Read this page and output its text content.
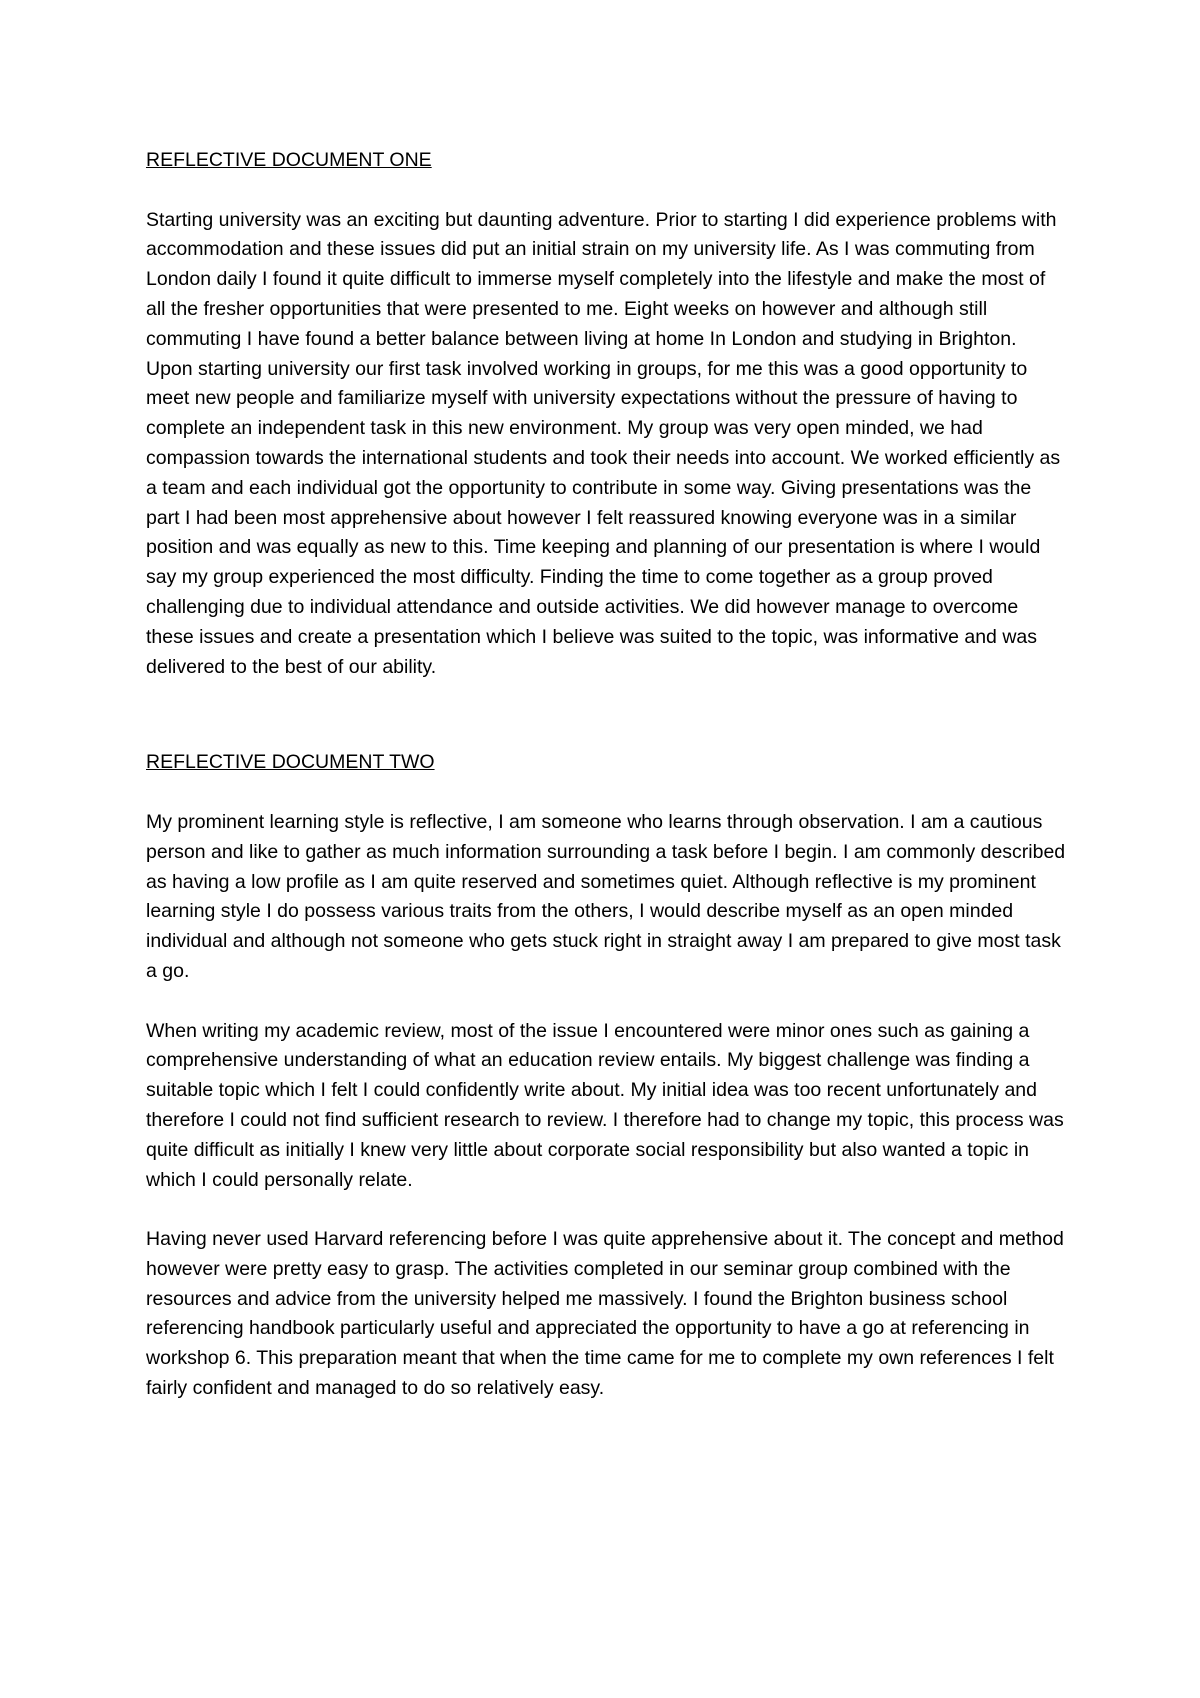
REFLECTIVE DOCUMENT ONE

Starting university was an exciting but daunting adventure. Prior to starting I did experience problems with accommodation and these issues did put an initial strain on my university life. As I was commuting from London daily I found it quite difficult to immerse myself completely into the lifestyle and make the most of all the fresher opportunities that were presented to me. Eight weeks on however and although still commuting I have found a better balance between living at home In London and studying in Brighton. Upon starting university our first task involved working in groups, for me this was a good opportunity to meet new people and familiarize myself with university expectations without the pressure of having to complete an independent task in this new environment. My group was very open minded, we had compassion towards the international students and took their needs into account. We worked efficiently as a team and each individual got the opportunity to contribute in some way. Giving presentations was the part I had been most apprehensive about however I felt reassured knowing everyone was in a similar position and was equally as new to this. Time keeping and planning of our presentation is where I would say my group experienced the most difficulty. Finding the time to come together as a group proved challenging due to individual attendance and outside activities. We did however manage to overcome these issues and create a presentation which I believe was suited to the topic, was informative and was delivered to the best of our ability.

REFLECTIVE DOCUMENT TWO

My prominent learning style is reflective, I am someone who learns through observation. I am a cautious person and like to gather as much information surrounding a task before I begin. I am commonly described as having a low profile as I am quite reserved and sometimes quiet. Although reflective is my prominent learning style I do possess various traits from the others, I would describe myself as an open minded individual and although not someone who gets stuck right in straight away I am prepared to give most task a go.

When writing my academic review, most of the issue I encountered were minor ones such as gaining a comprehensive understanding of what an education review entails. My biggest challenge was finding a suitable topic which I felt I could confidently write about. My initial idea was too recent unfortunately and therefore I could not find sufficient research to review. I therefore had to change my topic, this process was quite difficult as initially I knew very little about corporate social responsibility but also wanted a topic in which I could personally relate.

Having never used Harvard referencing before I was quite apprehensive about it. The concept and method however were pretty easy to grasp. The activities completed in our seminar group combined with the resources and advice from the university helped me massively. I found the Brighton business school referencing handbook particularly useful and appreciated the opportunity to have a go at referencing in workshop 6. This preparation meant that when the time came for me to complete my own references I felt fairly confident and managed to do so relatively easy.
